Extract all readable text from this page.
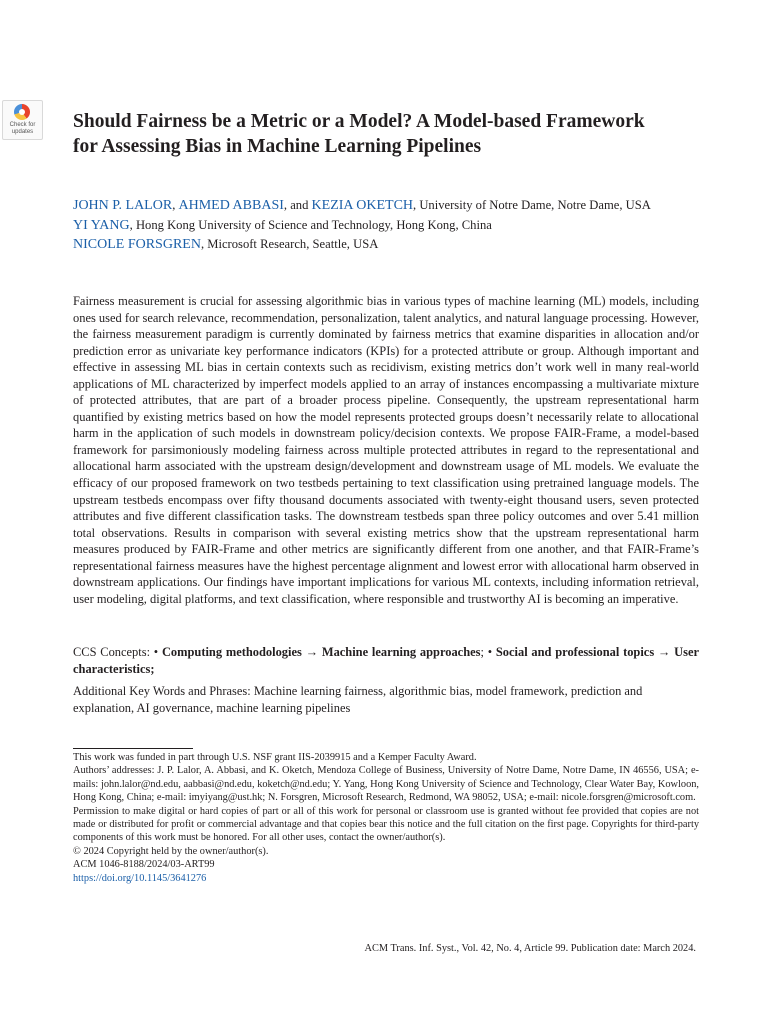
Check for
updates	Should Fairness be a Metric or a Model? A Model-based Framework for Assessing Bias in Machine Learning Pipelines

JOHN P. LALOR, AHMED ABBASI, and KEZIA OKETCH, University of Notre Dame, Notre Dame, USA

YI YANG, Hong Kong University of Science and Technology, Hong Kong, China

NICOLE FORSGREN, Microsoft Research, Seattle, USA

Fairness measurement is crucial for assessing algorithmic bias in various types of machine learning (ML) models, including ones used for search relevance, recommendation, personalization, talent analytics, and natural language processing. However, the fairness measurement paradigm is currently dominated by fairness metrics that examine disparities in allocation and/or prediction error as univariate key performance indicators (KPIs) for a protected attribute or group. Although important and effective in assessing ML bias in certain contexts such as recidivism, existing metrics don’t work well in many real-world applications of ML characterized by imperfect models applied to an array of instances encompassing a multivariate mixture of protected attributes, that are part of a broader process pipeline. Consequently, the upstream representational harm quantified by existing metrics based on how the model represents protected groups doesn’t necessarily relate to allocational harm in the application of such models in downstream policy/decision contexts. We propose FAIR-Frame, a model-based framework for parsimoniously modeling fairness across multiple protected attributes in regard to the representational and allocational harm associated with the upstream design/development and downstream usage of ML models. We evaluate the efficacy of our proposed framework on two testbeds pertaining to text classification using pretrained language models. The upstream testbeds encompass over fifty thousand documents associated with twenty-eight thousand users, seven protected attributes and five different classification tasks. The downstream testbeds span three policy outcomes and over 5.41 million total observations. Results in comparison with several existing metrics show that the upstream representational harm measures produced by FAIR-Frame and other metrics are significantly different from one another, and that FAIR-Frame’s representational fairness measures have the highest percentage alignment and lowest error with allocational harm observed in downstream applications. Our findings have important implications for various ML contexts, including information retrieval, user modeling, digital platforms, and text classification, where responsible and trustworthy AI is becoming an imperative.

CCS Concepts: • Computing methodologies → Machine learning approaches; • Social and professional topics → User characteristics;

Additional Key Words and Phrases: Machine learning fairness, algorithmic bias, model framework, prediction and explanation, AI governance, machine learning pipelines

This work was funded in part through U.S. NSF grant IIS-2039915 and a Kemper Faculty Award.

Authors’ addresses: J. P. Lalor, A. Abbasi, and K. Oketch, Mendoza College of Business, University of Notre Dame, Notre Dame, IN 46556, USA; e-mails: john.lalor@nd.edu, aabbasi@nd.edu, koketch@nd.edu; Y. Yang, Hong Kong University of Science and Technology, Clear Water Bay, Kowloon, Hong Kong, China; e-mail: imyiyang@ust.hk; N. Forsgren, Microsoft Research, Redmond, WA 98052, USA; e-mail: nicole.forsgren@microsoft.com.

Permission to make digital or hard copies of part or all of this work for personal or classroom use is granted without fee provided that copies are not made or distributed for profit or commercial advantage and that copies bear this notice and the full citation on the first page. Copyrights for third-party components of this work must be honored. For all other uses, contact the owner/author(s).

© 2024 Copyright held by the owner/author(s).

ACM 1046-8188/2024/03-ART99

https://doi.org/10.1145/3641276

ACM Trans. Inf. Syst., Vol. 42, No. 4, Article 99. Publication date: March 2024.
